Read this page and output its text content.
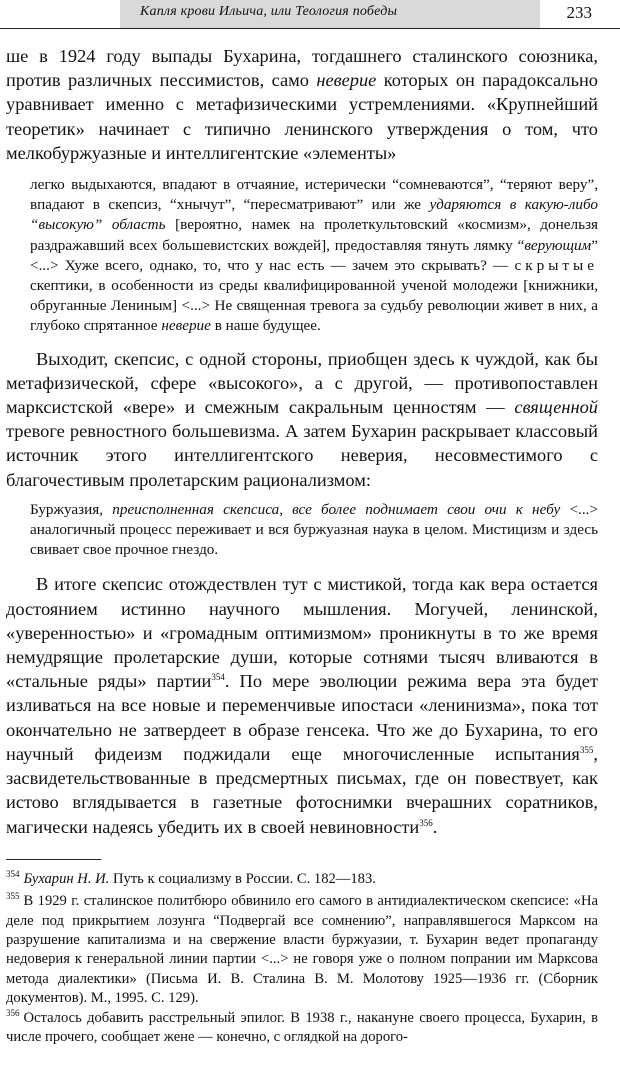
Капля крови Ильича, или Теология победы	233

ше в 1924 году выпады Бухарина, тогдашнего сталинского союзника, против различных пессимистов, само неверие которых он парадоксально уравнивает именно с метафизическими устремлениями. «Крупнейший теоретик» начинает с типично ленинского утверждения о том, что мелкобуржуазные и интеллигентские «элементы»

легко выдыхаются, впадают в отчаяние, истерически “сомневаются”, “теряют веру”, впадают в скепсиз, “хнычут”, “пересматривают” или же ударяются в какую-либо “высокую” область [вероятно, намек на пролеткультовский «космизм», донельзя раздражавший всех большевистских вождей], предоставляя тянуть лямку “верующим” <...> Хуже всего, однако, то, что у нас есть — зачем это скрывать? — скрытые скептики, в особенности из среды квалифицированной ученой молодежи [книжники, обруганные Лениным] <...> Не священная тревога за судьбу революции живет в них, а глубоко спрятанное неверие в наше будущее.

Выходит, скепсис, с одной стороны, приобщен здесь к чуждой, как бы метафизической, сфере «высокого», а с другой, — противопоставлен марксистской «вере» и смежным сакральным ценностям — священной тревоге ревностного большевизма. А затем Бухарин раскрывает классовый источник этого интеллигентского неверия, несовместимого с благочестивым пролетарским рационализмом:

Буржуазия, преисполненная скепсиса, все более поднимает свои очи к небу <...> аналогичный процесс переживает и вся буржуазная наука в целом. Мистицизм и здесь свивает свое прочное гнездо.

В итоге скепсис отождествлен тут с мистикой, тогда как вера остается достоянием истинно научного мышления. Могучей, ленинской, «уверенностью» и «громадным оптимизмом» проникнуты в то же время немудрящие пролетарские души, которые сотнями тысяч вливаются в «стальные ряды» партии$^{354}$. По мере эволюции режима вера эта будет изливаться на все новые и переменчивые ипостаси «ленинизма», пока тот окончательно не затвердеет в образе генсека. Что же до Бухарина, то его научный фидеизм поджидали еще многочисленные испытания$^{355}$, засвидетельствованные в предсмертных письмах, где он повествует, как истово вглядывается в газетные фотоснимки вчерашних соратников, магически надеясь убедить их в своей невиновности$^{356}$.

$^{354}$ Бухарин Н. И. Путь к социализму в России. С. 182—183.

$^{355}$ В 1929 г. сталинское политбюро обвинило его самого в антидиалектическом скепсисе: «На деле под прикрытием лозунга “Подвергай все сомнению”, направлявшегося Марксом на разрушение капитализма и на свержение власти буржуазии, т. Бухарин ведет пропаганду недоверия к генеральной линии партии <...> не говоря уже о полном попрании им Марксова метода диалектики» (Письма И. В. Сталина В. М. Молотову 1925—1936 гг. (Сборник документов). М., 1995. С. 129).

$^{356}$ Осталось добавить расстрельный эпилог. В 1938 г., накануне своего процесса, Бухарин, в числе прочего, сообщает жене — конечно, с оглядкой на дорого-
